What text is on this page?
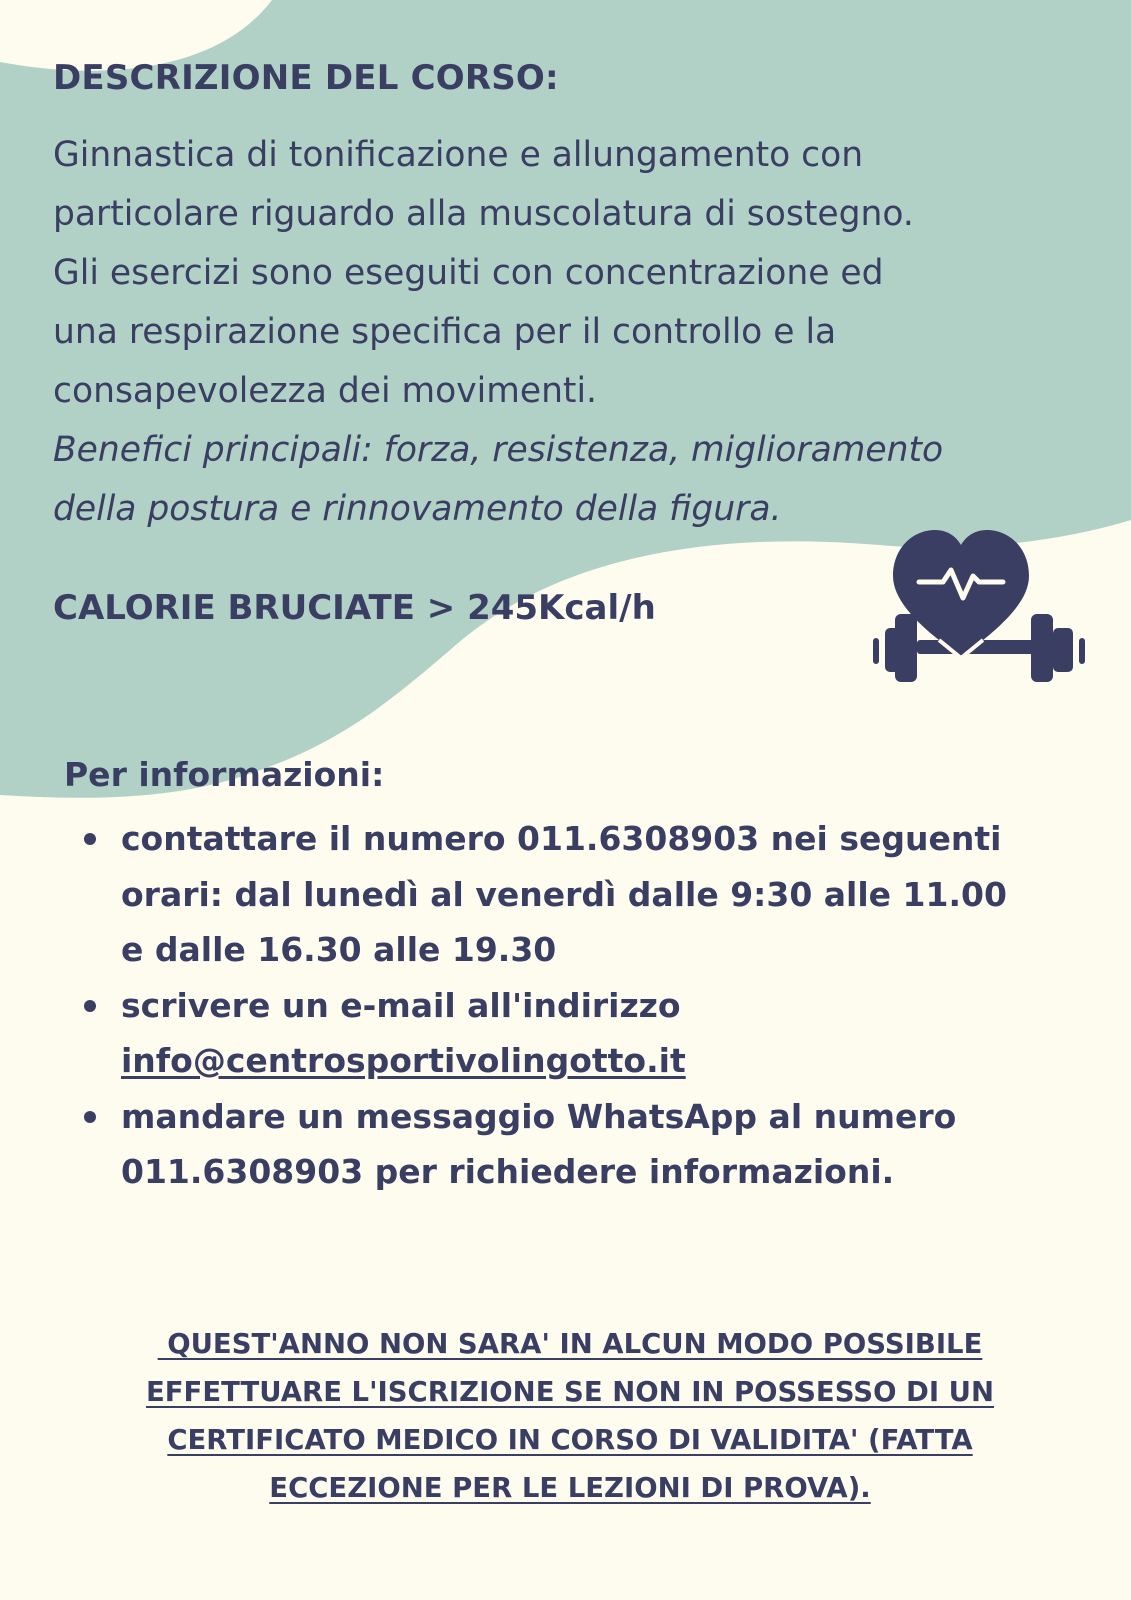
DESCRIZIONE DEL CORSO:
Ginnastica di tonificazione e allungamento con
particolare riguardo alla muscolatura di sostegno.
Gli esercizi sono eseguiti con concentrazione ed
una respirazione specifica per il controllo e la
consapevolezza dei movimenti.
Benefici principali: forza, resistenza, miglioramento
della postura e rinnovamento della figura.
CALORIE BRUCIATE > 245Kcal/h
Per informazioni:
contattare il numero 011.6308903 nei seguenti
orari: dal lunedì al venerdì dalle 9:30 alle 11.00
e dalle 16.30 alle 19.30
scrivere un e-mail all'indirizzo
info@centrosportivolingotto.it
mandare un messaggio WhatsApp al numero
011.6308903 per richiedere informazioni.
QUEST'ANNO NON SARA' IN ALCUN MODO POSSIBILE
EFFETTUARE L'ISCRIZIONE SE NON IN POSSESSO DI UN
CERTIFICATO MEDICO IN CORSO DI VALIDITA' (FATTA
ECCEZIONE PER LE LEZIONI DI PROVA).
